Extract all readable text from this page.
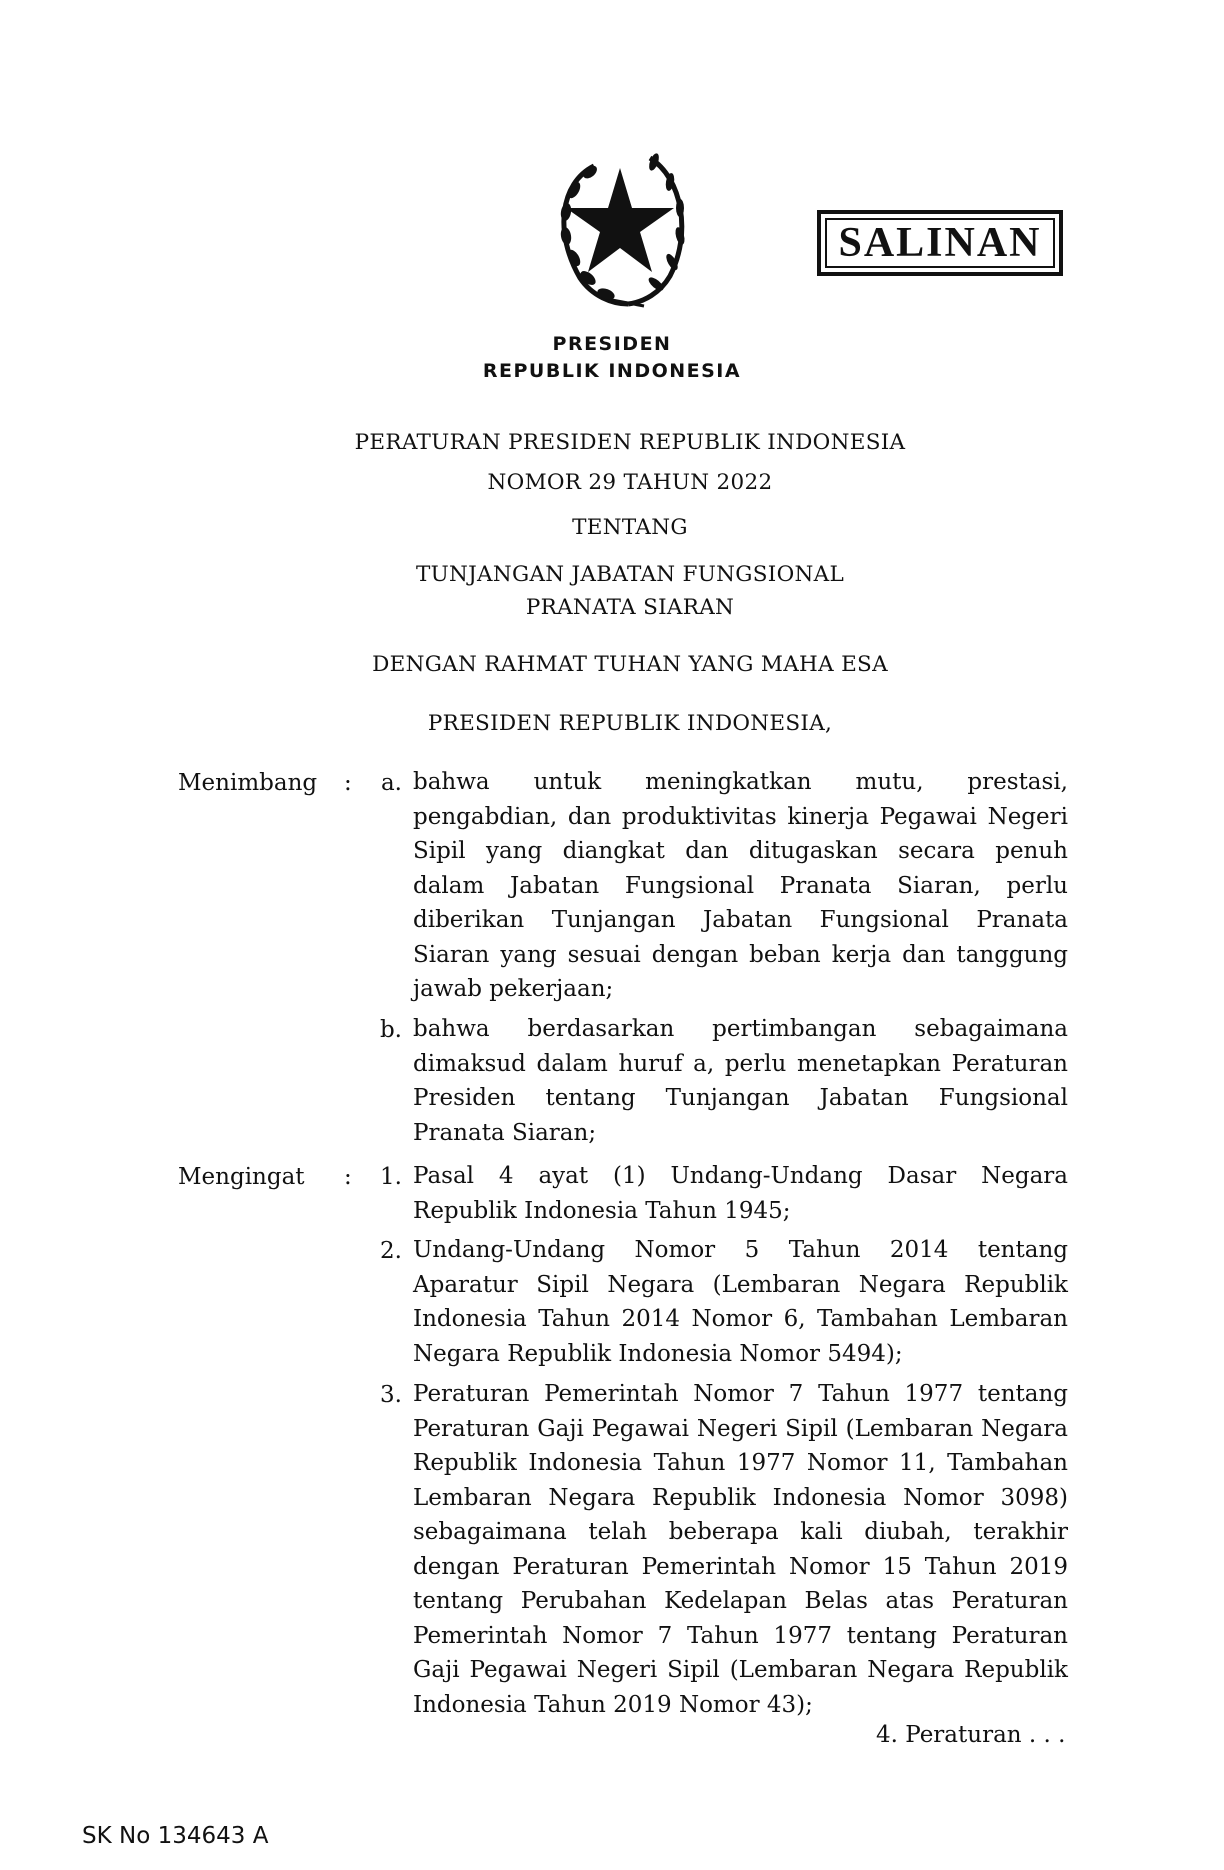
SALINAN
PRESIDEN
REPUBLIK INDONESIA
PERATURAN PRESIDEN REPUBLIK INDONESIA
NOMOR 29 TAHUN 2022
TENTANG
TUNJANGAN JABATAN FUNGSIONAL
PRANATA SIARAN
DENGAN RAHMAT TUHAN YANG MAHA ESA
PRESIDEN REPUBLIK INDONESIA,
Menimbang :	a. bahwa untuk meningkatkan mutu, prestasi, pengabdian, dan produktivitas kinerja Pegawai Negeri Sipil yang diangkat dan ditugaskan secara penuh dalam Jabatan Fungsional Pranata Siaran, perlu diberikan Tunjangan Jabatan Fungsional Pranata Siaran yang sesuai dengan beban kerja dan tanggung jawab pekerjaan;
b. bahwa berdasarkan pertimbangan sebagaimana dimaksud dalam huruf a, perlu menetapkan Peraturan Presiden tentang Tunjangan Jabatan Fungsional Pranata Siaran;
Mengingat :	1. Pasal 4 ayat (1) Undang-Undang Dasar Negara Republik Indonesia Tahun 1945;
2. Undang-Undang Nomor 5 Tahun 2014 tentang Aparatur Sipil Negara (Lembaran Negara Republik Indonesia Tahun 2014 Nomor 6, Tambahan Lembaran Negara Republik Indonesia Nomor 5494);
3. Peraturan Pemerintah Nomor 7 Tahun 1977 tentang Peraturan Gaji Pegawai Negeri Sipil (Lembaran Negara Republik Indonesia Tahun 1977 Nomor 11, Tambahan Lembaran Negara Republik Indonesia Nomor 3098) sebagaimana telah beberapa kali diubah, terakhir dengan Peraturan Pemerintah Nomor 15 Tahun 2019 tentang Perubahan Kedelapan Belas atas Peraturan Pemerintah Nomor 7 Tahun 1977 tentang Peraturan Gaji Pegawai Negeri Sipil (Lembaran Negara Republik Indonesia Tahun 2019 Nomor 43);
4. Peraturan . . .
SK No 134643 A
